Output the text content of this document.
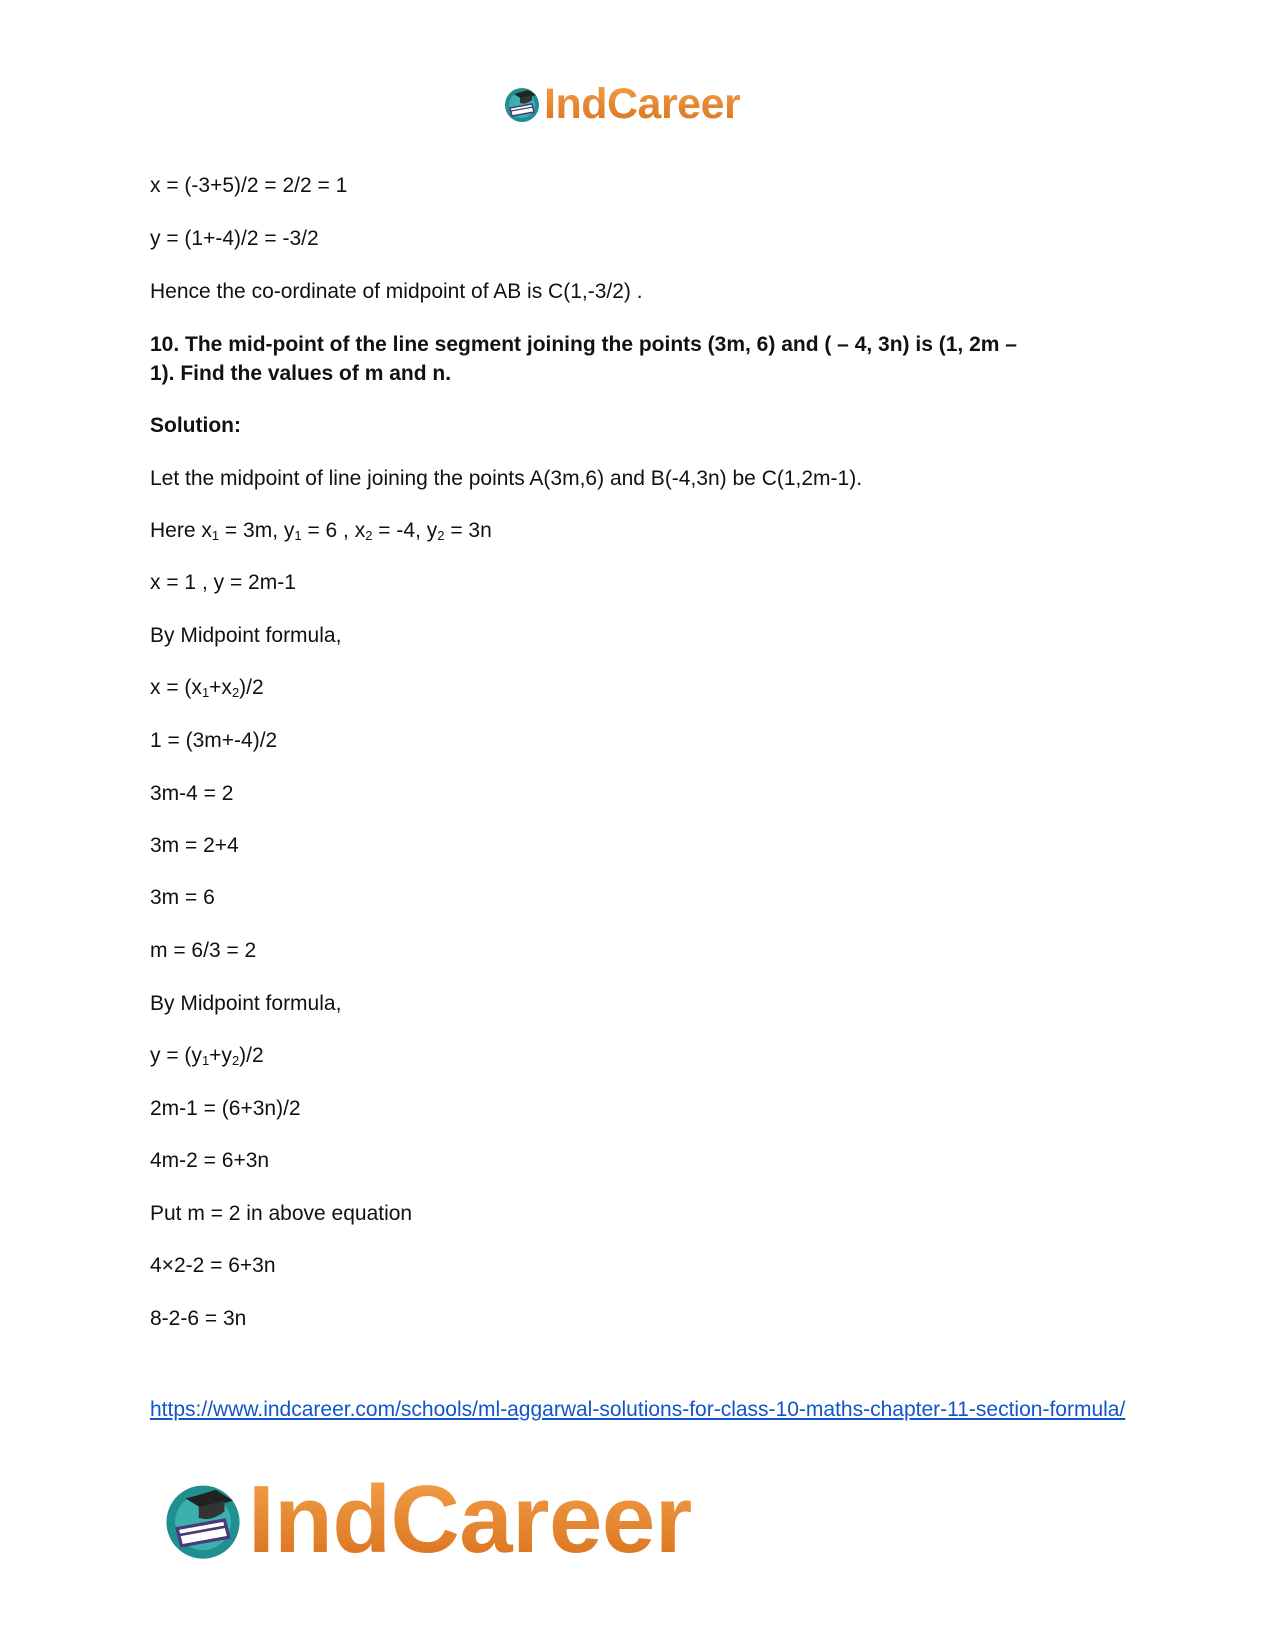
IndCareer
x = (-3+5)/2 = 2/2 = 1
y = (1+-4)/2 = -3/2
Hence the co-ordinate of midpoint of AB is C(1,-3/2) .
10. The mid-point of the line segment joining the points (3m, 6) and ( – 4, 3n) is (1, 2m –
1). Find the values of m and n.
Solution:
Let the midpoint of line joining the points A(3m,6) and B(-4,3n) be C(1,2m-1).
Here $x_1 = 3m$, $y_1 = 6$ , $x_2 = -4$, $y_2 = 3n$
x = 1 , y = 2m-1
By Midpoint formula,
$x = (x_1+x_2)/2$
1 = (3m+-4)/2
3m-4 = 2
3m = 2+4
3m = 6
m = 6/3 = 2
By Midpoint formula,
$y = (y_1+y_2)/2$
2m-1 = (6+3n)/2
4m-2 = 6+3n
Put m = 2 in above equation
4×2-2 = 6+3n
8-2-6 = 3n
https://www.indcareer.com/schools/ml-aggarwal-solutions-for-class-10-maths-chapter-11-section-formula/
IndCareer
